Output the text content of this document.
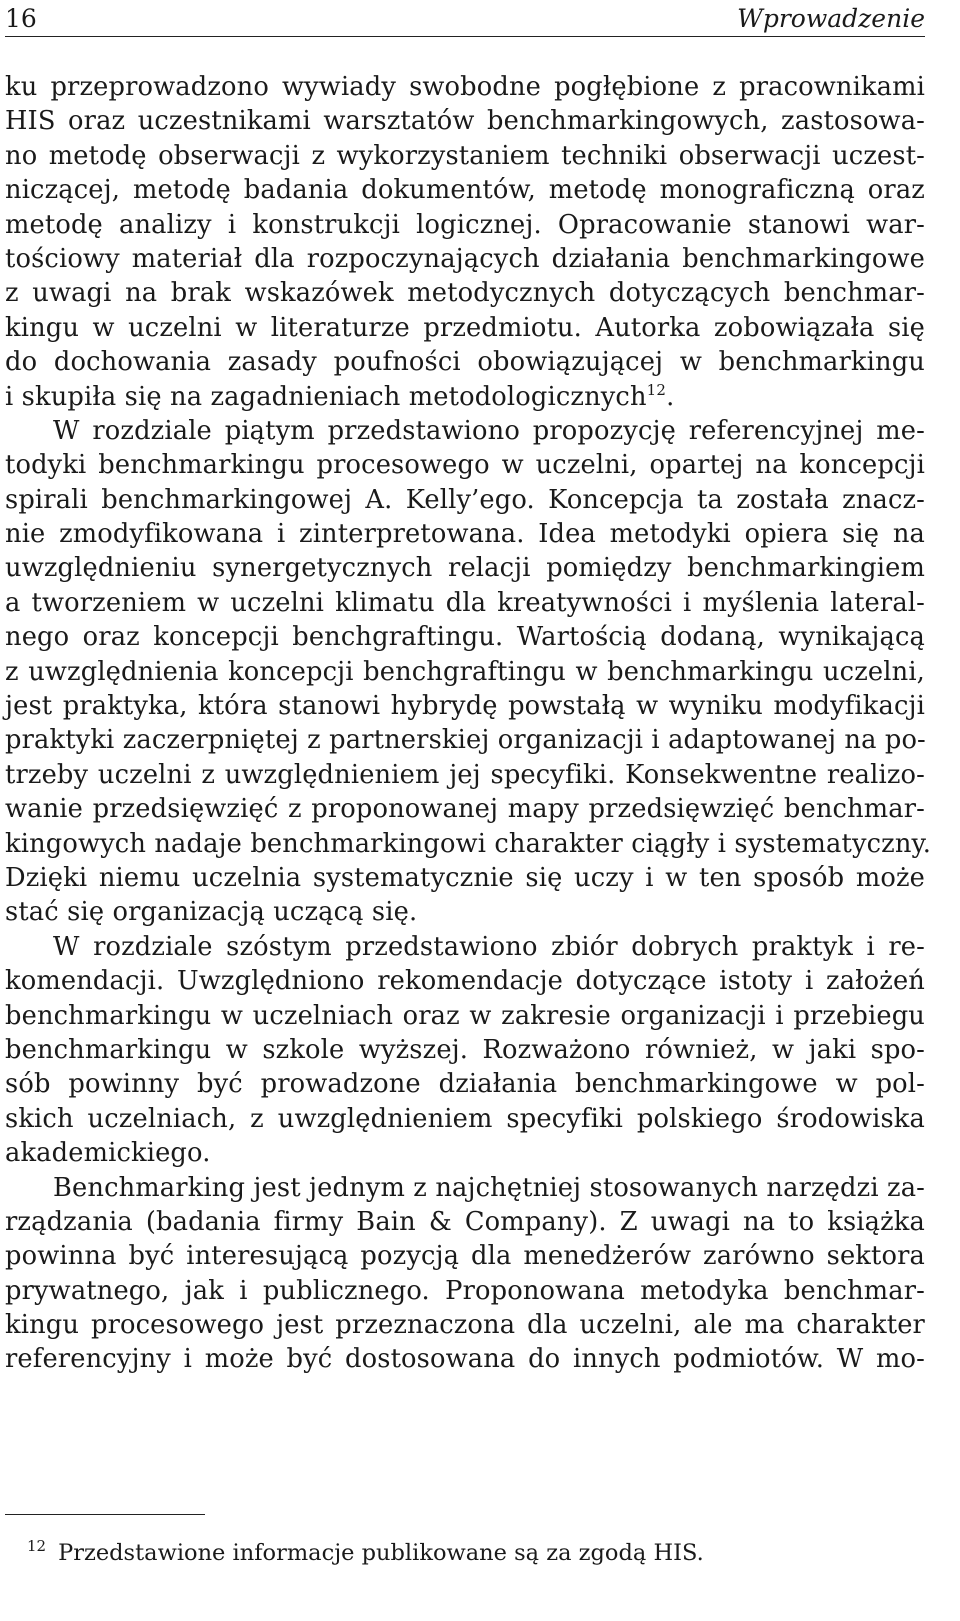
16	Wprowadzenie
ku przeprowadzono wywiady swobodne pogłębione z pracownikami
HIS oraz uczestnikami warsztatów benchmarkingowych, zastosowa-
no metodę obserwacji z wykorzystaniem techniki obserwacji uczest-
niczącej, metodę badania dokumentów, metodę monograficzną oraz
metodę analizy i konstrukcji logicznej. Opracowanie stanowi war-
tościowy materiał dla rozpoczynających działania benchmarkingowe
z uwagi na brak wskazówek metodycznych dotyczących benchmar-
kingu w uczelni w literaturze przedmiotu. Autorka zobowiązała się
do dochowania zasady poufności obowiązującej w benchmarkingu
i skupiła się na zagadnieniach metodologicznych$^{12}$.
W rozdziale piątym przedstawiono propozycję referencyjnej me-
todyki benchmarkingu procesowego w uczelni, opartej na koncepcji
spirali benchmarkingowej A. Kelly’ego. Koncepcja ta została znacz-
nie zmodyfikowana i zinterpretowana. Idea metodyki opiera się na
uwzględnieniu synergetycznych relacji pomiędzy benchmarkingiem
a tworzeniem w uczelni klimatu dla kreatywności i myślenia lateral-
nego oraz koncepcji benchgraftingu. Wartością dodaną, wynikającą
z uwzględnienia koncepcji benchgraftingu w benchmarkingu uczelni,
jest praktyka, która stanowi hybrydę powstałą w wyniku modyfikacji
praktyki zaczerpniętej z partnerskiej organizacji i adaptowanej na po-
trzeby uczelni z uwzględnieniem jej specyfiki. Konsekwentne realizo-
wanie przedsięwzięć z proponowanej mapy przedsięwzięć benchmar-
kingowych nadaje benchmarkingowi charakter ciągły i systematyczny.
Dzięki niemu uczelnia systematycznie się uczy i w ten sposób może
stać się organizacją uczącą się.
W rozdziale szóstym przedstawiono zbiór dobrych praktyk i re-
komendacji. Uwzględniono rekomendacje dotyczące istoty i założeń
benchmarkingu w uczelniach oraz w zakresie organizacji i przebiegu
benchmarkingu w szkole wyższej. Rozważono również, w jaki spo-
sób powinny być prowadzone działania benchmarkingowe w pol-
skich uczelniach, z uwzględnieniem specyfiki polskiego środowiska
akademickiego.
Benchmarking jest jednym z najchętniej stosowanych narzędzi za-
rządzania (badania firmy Bain & Company). Z uwagi na to książka
powinna być interesującą pozycją dla menedżerów zarówno sektora
prywatnego, jak i publicznego. Proponowana metodyka benchmar-
kingu procesowego jest przeznaczona dla uczelni, ale ma charakter
referencyjny i może być dostosowana do innych podmiotów. W mo-
$^{12}$ Przedstawione informacje publikowane są za zgodą HIS.
